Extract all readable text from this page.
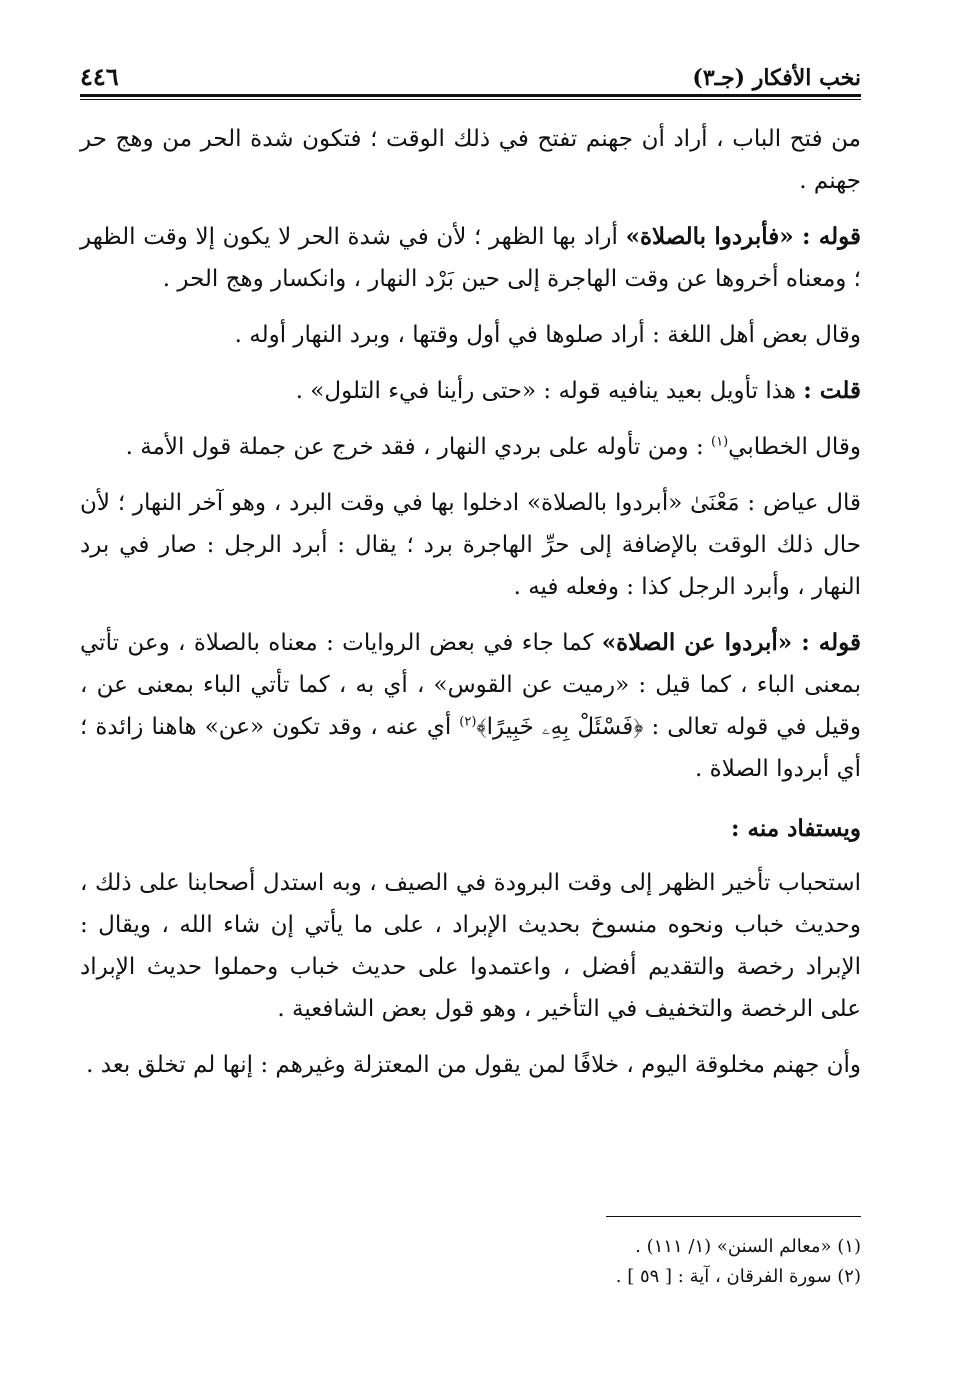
نخب الأفكار (جـ٣)
٤٤٦

من فتح الباب ، أراد أن جهنم تفتح في ذلك الوقت ؛ فتكون شدة الحر من وهج حر جهنم .

قوله : «فأبردوا بالصلاة» أراد بها الظهر ؛ لأن في شدة الحر لا يكون إلا وقت الظهر ؛ ومعناه أخروها عن وقت الهاجرة إلى حين بَرْد النهار ، وانكسار وهج الحر .

وقال بعض أهل اللغة : أراد صلوها في أول وقتها ، وبرد النهار أوله .

قلت : هذا تأويل بعيد ينافيه قوله : «حتى رأينا فيء التلول» .

وقال الخطابي$^{(١)}$ : ومن تأوله على بردي النهار ، فقد خرج عن جملة قول الأمة .

قال عياض : مَعْنَىٰ «أبردوا بالصلاة» ادخلوا بها في وقت البرد ، وهو آخر النهار ؛ لأن حال ذلك الوقت بالإضافة إلى حرِّ الهاجرة برد ؛ يقال : أبرد الرجل : صار في برد النهار ، وأبرد الرجل كذا : وفعله فيه .

قوله : «أبردوا عن الصلاة» كما جاء في بعض الروايات : معناه بالصلاة ، وعن تأتي بمعنى الباء ، كما قيل : «رميت عن القوس» ، أي به ، كما تأتي الباء بمعنى عن ، وقيل في قوله تعالى : ﴿فَسْئَلْ بِهِۦ خَبِيرًا﴾$^{(٢)}$ أي عنه ، وقد تكون «عن» هاهنا زائدة ؛ أي أبردوا الصلاة .

ويستفاد منه :

استحباب تأخير الظهر إلى وقت البرودة في الصيف ، وبه استدل أصحابنا على ذلك ، وحديث خباب ونحوه منسوخ بحديث الإبراد ، على ما يأتي إن شاء الله ، ويقال : الإبراد رخصة والتقديم أفضل ، واعتمدوا على حديث خباب وحملوا حديث الإبراد على الرخصة والتخفيف في التأخير ، وهو قول بعض الشافعية .

وأن جهنم مخلوقة اليوم ، خلافًا لمن يقول من المعتزلة وغيرهم : إنها لم تخلق بعد .

(١) «معالم السنن» (١/ ١١١) .
(٢) سورة الفرقان ، آية : [ ٥٩ ] .
